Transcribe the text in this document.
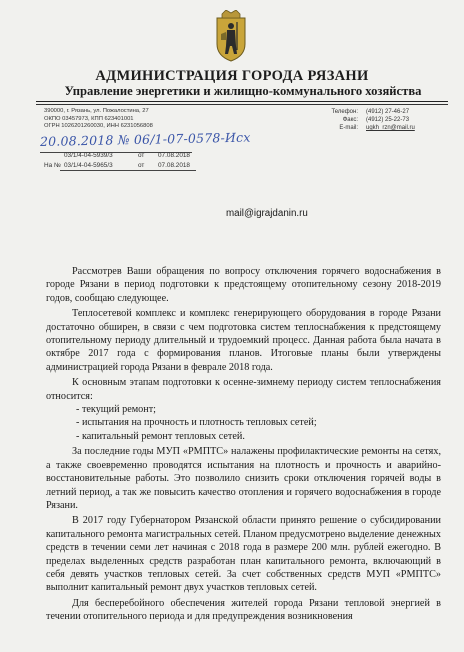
АДМИНИСТРАЦИЯ ГОРОДА РЯЗАНИ
Управление энергетики и жилищно-коммунального хозяйства
390000, г. Рязань, ул. Пожалостина, 27
ОКПО 03457973, КПП 623401001
ОГРН 1026201260030, ИНН 6231056808
Телефон:
Факс:
E-mail:
(4912) 27-46-27
(4912) 25-22-73
ugkh_rzn@mail.ru
20.08.2018 № 06/1-07-0578-Исх
03/1/4-04-5939/3	от 07.08.2018
На № 03/1/4-04-5965/3	от 07.08.2018
mail@igrajdanin.ru

Рассмотрев Ваши обращения по вопросу отключения горячего водоснабжения в городе Рязани в период подготовки к предстоящему отопительному сезону 2018-2019 годов, сообщаю следующее.

Теплосетевой комплекс и комплекс генерирующего оборудования в городе Рязани достаточно обширен, в связи с чем подготовка систем теплоснабжения к предстоящему отопительному периоду длительный и трудоемкий процесс. Данная работа была начата в октябре 2017 года с формирования планов. Итоговые планы были утверждены администрацией города Рязани в феврале 2018 года.

К основным этапам подготовки к осенне-зимнему периоду систем теплоснабжения относится:

- текущий ремонт;

- испытания на прочность и плотность тепловых сетей;

- капитальный ремонт тепловых сетей.

За последние годы МУП «РМПТС» налажены профилактические ремонты на сетях, а также своевременно проводятся испытания на плотность и прочность и аварийно-восстановительные работы. Это позволило снизить сроки отключения горячей воды в летний период, а так же повысить качество отопления и горячего водоснабжения в городе Рязани.

В 2017 году Губернатором Рязанской области принято решение о субсидировании капитального ремонта магистральных сетей. Планом предусмотрено выделение денежных средств в течении семи лет начиная с 2018 года в размере 200 млн. рублей ежегодно. В пределах выделенных средств разработан план капитального ремонта, включающий в себя девять участков тепловых сетей. За счет собственных средств МУП «РМПТС» выполнит капитальный ремонт двух участков тепловых сетей.

Для бесперебойного обеспечения жителей города Рязани тепловой энергией в течении отопительного периода и для предупреждения возникновения
